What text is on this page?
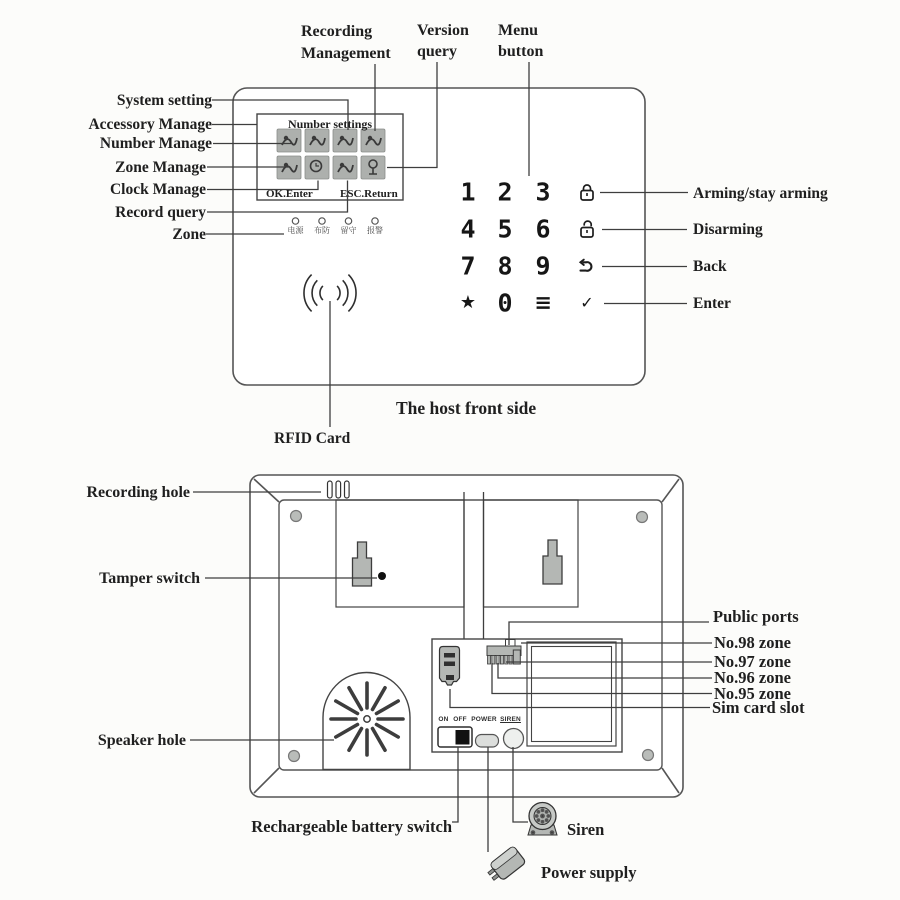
Recording Management
Version query
Menu button
System setting
Accessory Manage
Number Manage
Zone Manage
Clock Manage
Record query
Zone
Arming/stay arming
Disarming
Back
Enter
Number settings
OK.Enter ESC.Return
电源 布防 留守 报警
1 2 3
4 5 6
7 8 9
★ 0 ≡ ✓
The host front side
RFID Card
Recording hole
Tamper switch
Speaker hole
Public ports
No.98 zone
No.97 zone
No.96 zone
No.95 zone
Sim card slot
Rechargeable battery switch	Siren
Power supply
ON OFF POWER SIREN
